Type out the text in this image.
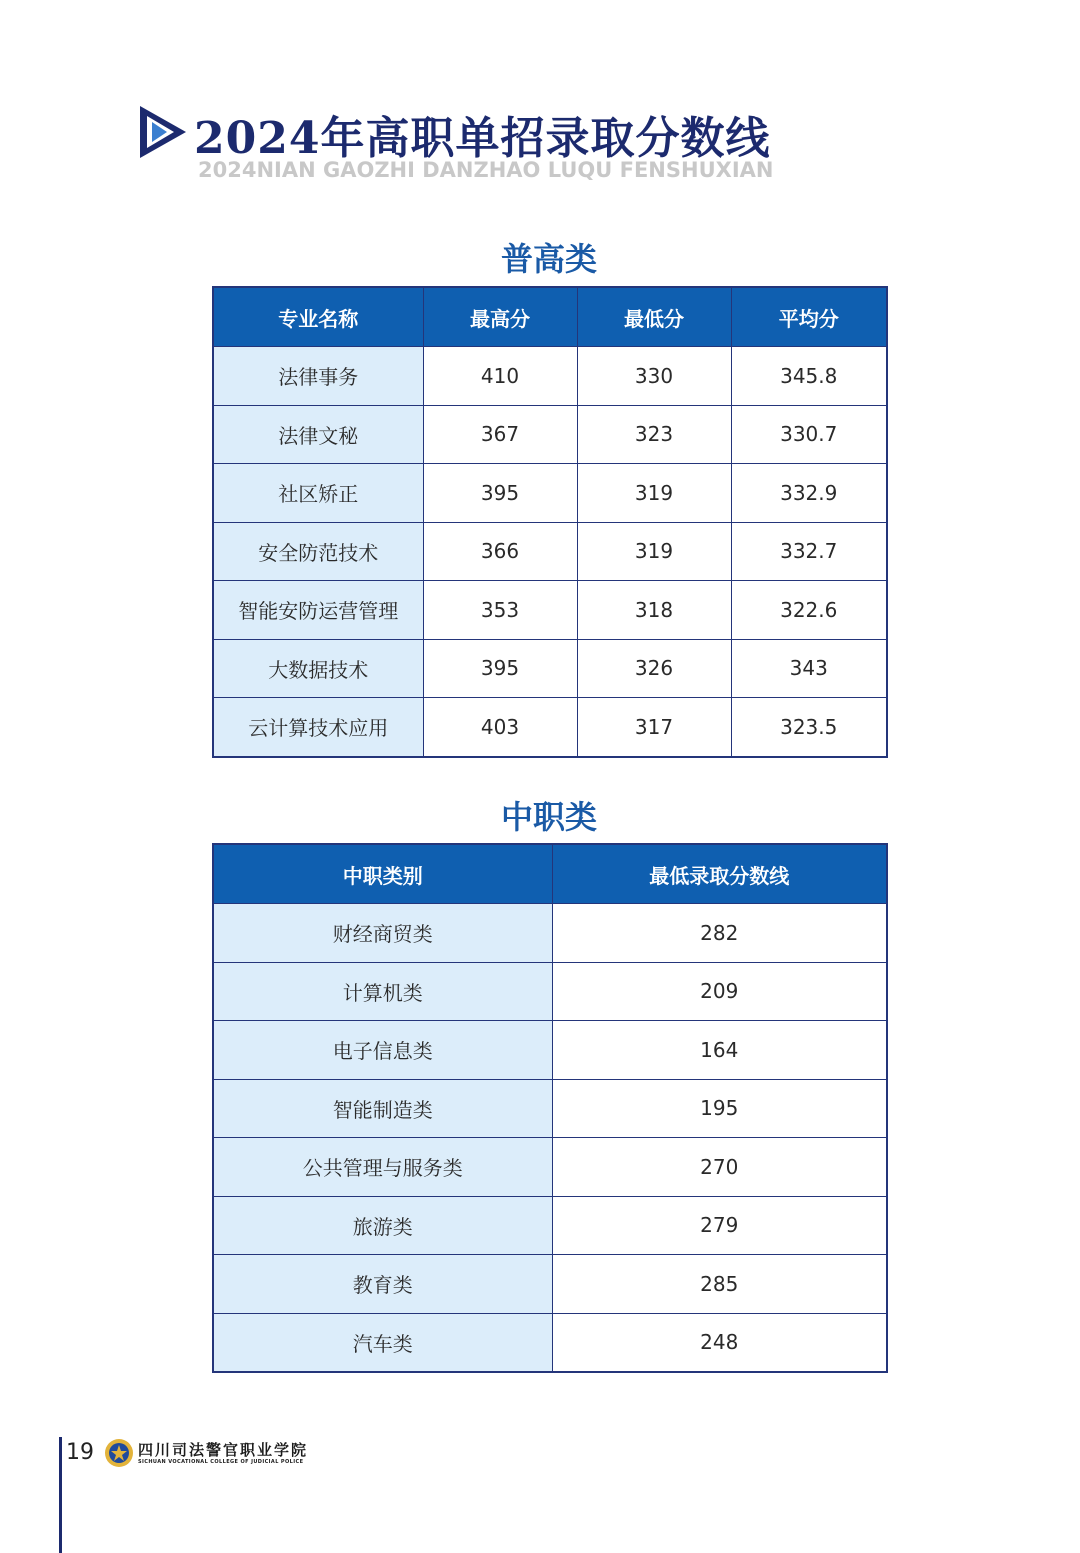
2024年高职单招录取分数线
2024NIAN GAOZHI DANZHAO LUQU FENSHUXIAN
普高类
专业名称	最高分	最低分	平均分
法律事务	410	330	345.8
法律文秘	367	323	330.7
社区矫正	395	319	332.9
安全防范技术	366	319	332.7
智能安防运营管理	353	318	322.6
大数据技术	395	326	343
云计算技术应用	403	317	323.5
中职类
中职类别	最低录取分数线
财经商贸类	282
计算机类	209
电子信息类	164
智能制造类	195
公共管理与服务类	270
旅游类	279
教育类	285
汽车类	248
19	四川司法警官职业学院
SICHUAN VOCATIONAL COLLEGE OF JUDICIAL POLICE
